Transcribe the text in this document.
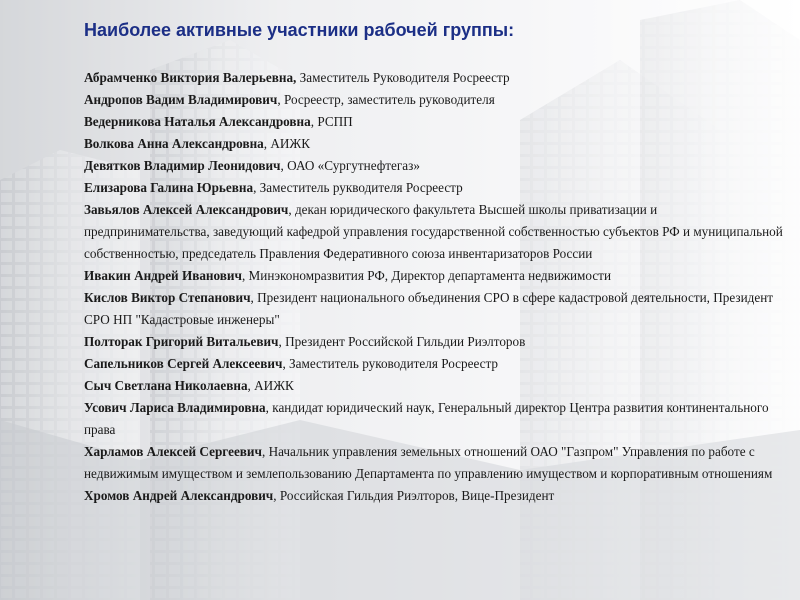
Наиболее активные участники рабочей группы:
Абрамченко Виктория Валерьевна, Заместитель Руководителя Росреестр
Андропов Вадим Владимирович, Росреестр, заместитель руководителя
Ведерникова Наталья Александровна, РСПП
Волкова Анна Александровна, АИЖК
Девятков Владимир Леонидович, ОАО «Сургутнефтегаз»
Елизарова Галина Юрьевна, Заместитель рукводителя Росреестр
Завьялов Алексей Александрович, декан юридического факультета Высшей школы приватизации и предпринимательства, заведующий кафедрой управления государственной собственностью субъектов РФ и муниципальной собственностью, председатель Правления Федеративного союза инвентаризаторов России
Ивакин Андрей Иванович, Минэкономразвития РФ, Директор департамента недвижимости
Кислов Виктор Степанович, Президент национального объединения СРО в сфере кадастровой деятельности, Президент СРО НП "Кадастровые инженеры"
Полторак Григорий Витальевич, Президент Российской Гильдии Риэлторов
Сапельников Сергей Алексеевич, Заместитель руководителя Росреестр
Сыч Светлана Николаевна, АИЖК
Усович Лариса Владимировна, кандидат юридический наук, Генеральный директор Центра развития континентального права
Харламов Алексей Сергеевич, Начальник управления земельных отношений ОАО "Газпром" Управления по работе с недвижимым имуществом и землепользованию Департамента по управлению имуществом и корпоративным отношениям
Хромов Андрей Александрович, Российская Гильдия Риэлторов, Вице-Президент
